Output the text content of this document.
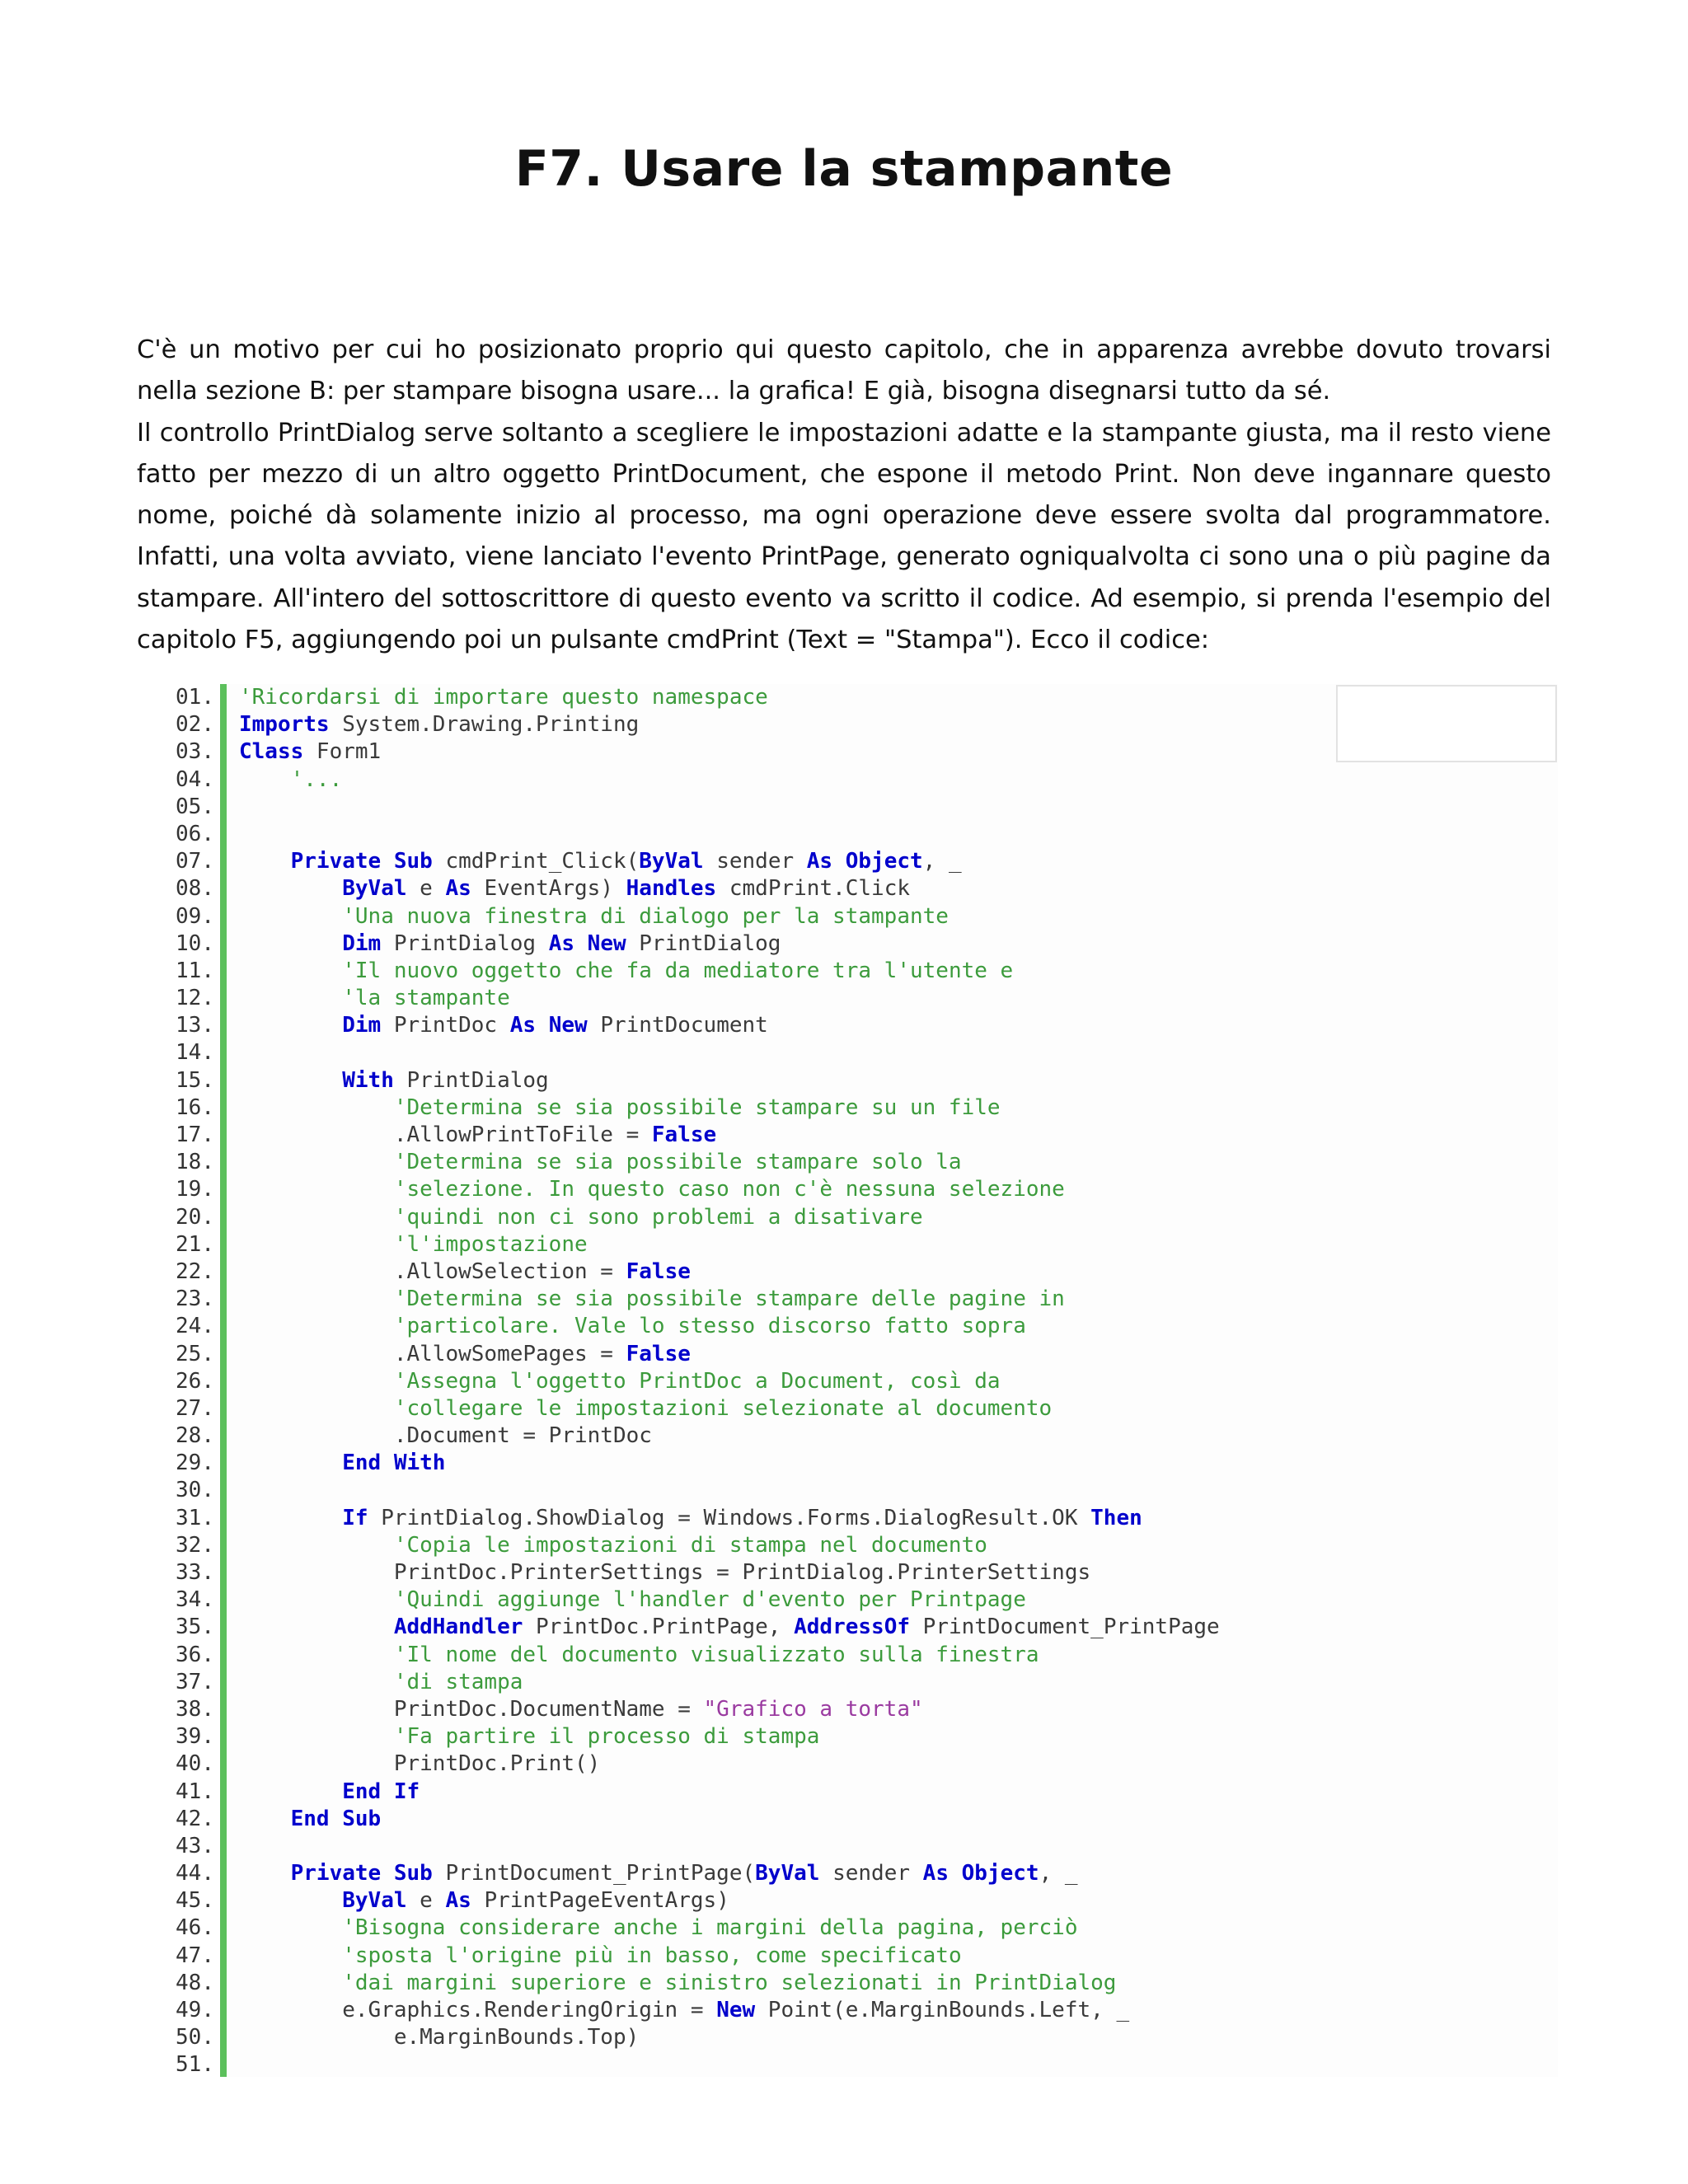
F7. Usare la stampante

C'è un motivo per cui ho posizionato proprio qui questo capitolo, che in apparenza avrebbe dovuto trovarsi nella sezione B: per stampare bisogna usare... la grafica! E già, bisogna disegnarsi tutto da sé.

Il controllo PrintDialog serve soltanto a scegliere le impostazioni adatte e la stampante giusta, ma il resto viene fatto per mezzo di un altro oggetto PrintDocument, che espone il metodo Print. Non deve ingannare questo nome, poiché dà solamente inizio al processo, ma ogni operazione deve essere svolta dal programmatore. Infatti, una volta avviato, viene lanciato l'evento PrintPage, generato ogniqualvolta ci sono una o più pagine da stampare. All'intero del sottoscrittore di questo evento va scritto il codice. Ad esempio, si prenda l'esempio del capitolo F5, aggiungendo poi un pulsante cmdPrint (Text = "Stampa"). Ecco il codice:

01. 'Ricordarsi di importare questo namespace
02. Imports System.Drawing.Printing
03. Class Form1
04.	'...
05.
06.
07.	Private Sub cmdPrint_Click(ByVal sender As Object, _
08.	ByVal e As EventArgs) Handles cmdPrint.Click
09.	'Una nuova finestra di dialogo per la stampante
10.	Dim PrintDialog As New PrintDialog
11.	'Il nuovo oggetto che fa da mediatore tra l'utente e
12.	'la stampante
13.	Dim PrintDoc As New PrintDocument
14.
15.	With PrintDialog
16.	'Determina se sia possibile stampare su un file
17. .AllowPrintToFile = False
18.	'Determina se sia possibile stampare solo la
19.	'selezione. In questo caso non c'è nessuna selezione
20.	'quindi non ci sono problemi a disativare
21.	'l'impostazione
22. .AllowSelection = False
23.	'Determina se sia possibile stampare delle pagine in
24.	'particolare. Vale lo stesso discorso fatto sopra
25. .AllowSomePages = False
26.	'Assegna l'oggetto PrintDoc a Document, così da
27.	'collegare le impostazioni selezionate al documento
28. .Document = PrintDoc
29.	End With
30.
31.	If PrintDialog.ShowDialog = Windows.Forms.DialogResult.OK Then
32.	'Copia le impostazioni di stampa nel documento
33. PrintDoc.PrinterSettings = PrintDialog.PrinterSettings
34.	'Quindi aggiunge l'handler d'evento per Printpage
35.	AddHandler PrintDoc.PrintPage, AddressOf PrintDocument_PrintPage
36.	'Il nome del documento visualizzato sulla finestra
37.	'di stampa
38. PrintDoc.DocumentName = "Grafico a torta"
39.	'Fa partire il processo di stampa
40. PrintDoc.Print()
41.	End If
42.	End Sub
43.
44.	Private Sub PrintDocument_PrintPage(ByVal sender As Object, _
45.	ByVal e As PrintPageEventArgs)
46.	'Bisogna considerare anche i margini della pagina, perciò
47.	'sposta l'origine più in basso, come specificato
48.	'dai margini superiore e sinistro selezionati in PrintDialog
49. e.Graphics.RenderingOrigin = New Point(e.MarginBounds.Left, _
50. e.MarginBounds.Top)
51.
